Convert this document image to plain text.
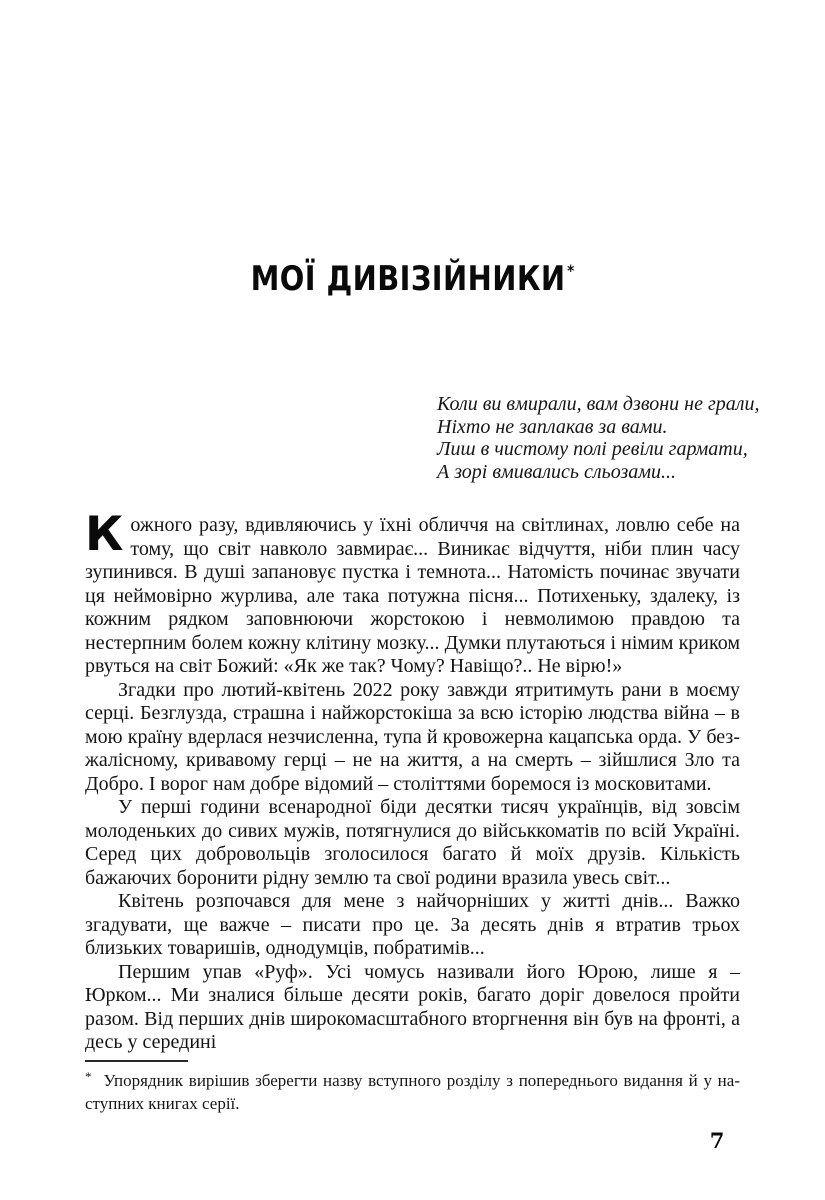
МОЇ ДИВІЗІЙНИКИ *
Коли ви вмирали, вам дзвони не грали,
Ніхто не заплакав за вами.
Лиш в чистому полі ревіли гармати,
А зорі вмивались сльозами...

Кожного разу, вдивляючись у їхні обличчя на світлинах, ловлю себе на тому, що світ навколо завмирає... Виникає відчуття, ніби плин часу зупинився. В душі запановує пустка і темнота... Натомість починає звучати ця неймовірно журлива, але така потужна пісня... Потихеньку, здалеку, із кожним рядком заповнюючи жорстокою і невмолимою правдою та нестерпним болем кожну клітину мозку... Думки плутаються і німим криком рвуться на світ Божий: «Як же так? Чому? Навіщо?.. Не вірю!»

Згадки про лютий-квітень 2022 року завжди ятритимуть рани в моєму серці. Безглузда, страшна і найжорстокіша за всю історію людства війна – в мою країну вдерлася незчисленна, тупа й кровожерна кацапська орда. У безжалісному, кривавому герці – не на життя, а на смерть – зійшлися Зло та Добро. І ворог нам добре відомий – століттями боремося із московитами.

У перші години всенародної біди десятки тисяч українців, від зовсім молоденьких до сивих мужів, потягнулися до військкоматів по всій Україні. Серед цих добровольців зголосилося багато й моїх друзів. Кількість бажаючих боронити рідну землю та свої родини вразила увесь світ...

Квітень розпочався для мене з найчорніших у житті днів... Важко згадувати, ще важче – писати про це. За десять днів я втратив трьох близьких товаришів, однодумців, побратимів...

Першим упав «Руф». Усі чомусь називали його Юрою, лише я – Юрком... Ми зналися більше десяти років, багато доріг довелося пройти разом. Від перших днів широкомасштабного вторгнення він був на фронті, а десь у середині

* Упорядник вирішив зберегти назву вступного розділу з попереднього видання й у наступних книгах серії.
7
